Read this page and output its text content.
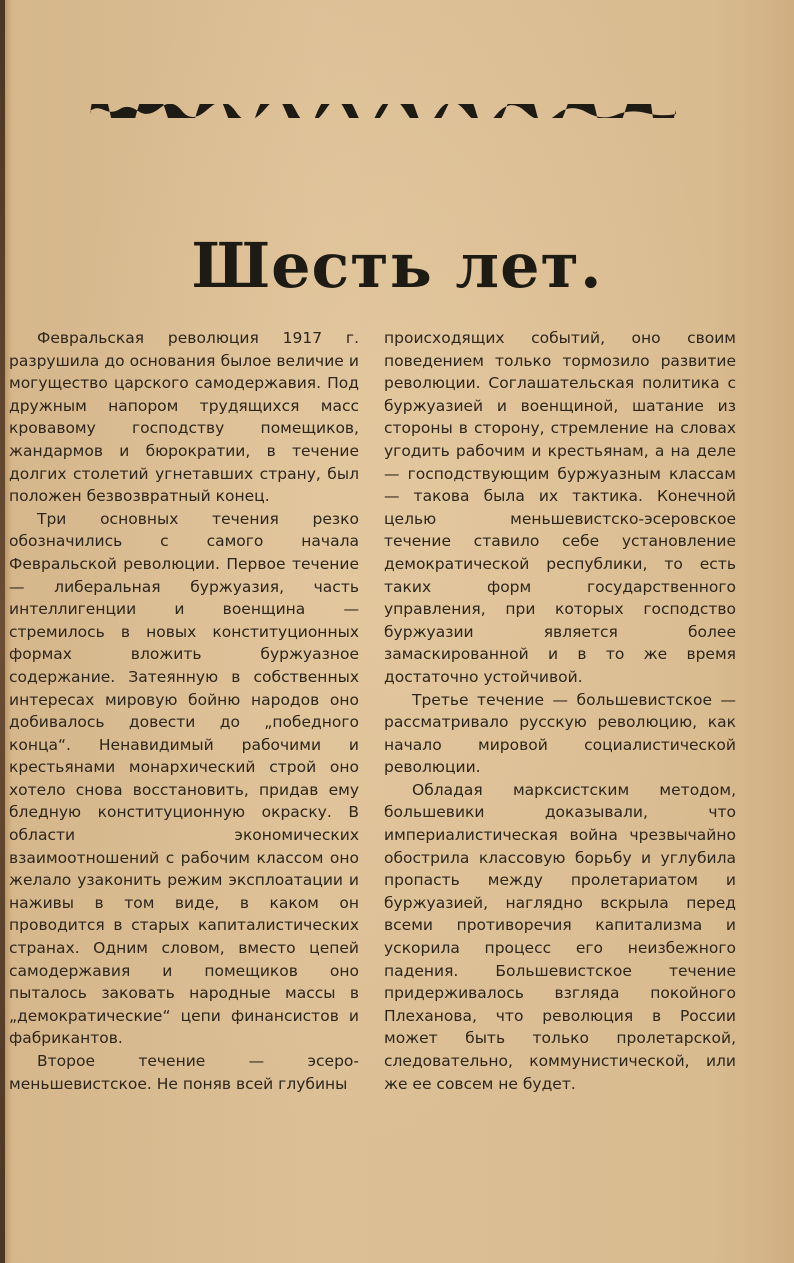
Шесть лет.

Февральская революция 1917 г. разрушила до основания былое величие и могущество царского самодержавия. Под дружным напором трудящихся масс кровавому господству помещиков, жандармов и бюрократии, в течение долгих столетий угнетавших страну, был положен безвозвратный конец.

Три основных течения резко обозначились с самого начала Февральской революции. Первое течение — либеральная буржуазия, часть интеллигенции и военщина — стремилось в новых конституционных формах вложить буржуазное содержание. Затеянную в собственных интересах мировую бойню народов оно добивалось довести до „победного конца“. Ненавидимый рабочими и крестьянами монархический строй оно хотело снова восстановить, придав ему бледную конституционную окраску. В области экономических взаимоотношений с рабочим классом оно желало узаконить режим эксплоатации и наживы в том виде, в каком он проводится в старых капиталистических странах. Одним словом, вместо цепей самодержавия и помещиков оно пыталось заковать народные массы в „демократические“ цепи финансистов и фабрикантов.

Второе течение — эсеро-меньшевистское. Не поняв всей глубины

происходящих событий, оно своим поведением только тормозило развитие революции. Соглашательская политика с буржуазией и военщиной, шатание из стороны в сторону, стремление на словах угодить рабочим и крестьянам, а на деле — господствующим буржуазным классам — такова была их тактика. Конечной целью меньшевистско-эсеровское течение ставило себе установление демократической республики, то есть таких форм государственного управления, при которых господство буржуазии является более замаскированной и в то же время достаточно устойчивой.

Третье течение — большевистское — рассматривало русскую революцию, как начало мировой социалистической революции.

Обладая марксистским методом, большевики доказывали, что империалистическая война чрезвычайно обострила классовую борьбу и углубила пропасть между пролетариатом и буржуазией, наглядно вскрыла перед всеми противоречия капитализма и ускорила процесс его неизбежного падения. Большевистское течение придерживалось взгляда покойного Плеханова, что революция в России может быть только пролетарской, следовательно, коммунистической, или же ее совсем не будет.
